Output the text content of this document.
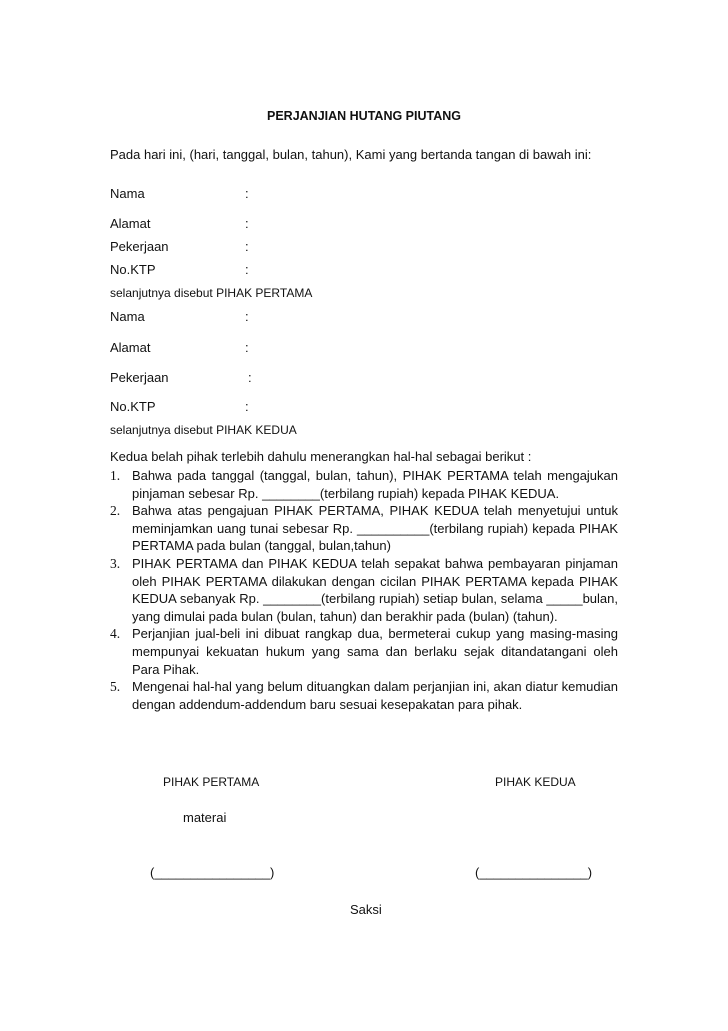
PERJANJIAN HUTANG PIUTANG
Pada hari ini, (hari, tanggal, bulan, tahun), Kami yang bertanda tangan di bawah ini:
Nama	:
Alamat	:
Pekerjaan	:
No.KTP	:
selanjutnya disebut PIHAK PERTAMA
Nama	:
Alamat	:
Pekerjaan	:
No.KTP	:
selanjutnya disebut PIHAK KEDUA
Kedua belah pihak terlebih dahulu menerangkan hal-hal sebagai berikut :
1. Bahwa pada tanggal (tanggal, bulan, tahun), PIHAK PERTAMA telah mengajukan pinjaman sebesar Rp. ________(terbilang rupiah) kepada PIHAK KEDUA.
2. Bahwa atas pengajuan PIHAK PERTAMA, PIHAK KEDUA telah menyetujui untuk meminjamkan uang tunai sebesar Rp. __________(terbilang rupiah) kepada PIHAK PERTAMA pada bulan (tanggal, bulan,tahun)
3. PIHAK PERTAMA dan PIHAK KEDUA telah sepakat bahwa pembayaran pinjaman oleh PIHAK PERTAMA dilakukan dengan cicilan PIHAK PERTAMA kepada PIHAK KEDUA sebanyak Rp. ________(terbilang rupiah) setiap bulan, selama _____bulan, yang dimulai pada bulan (bulan, tahun) dan berakhir pada (bulan) (tahun).
4. Perjanjian jual-beli ini dibuat rangkap dua, bermeterai cukup yang masing-masing mempunyai kekuatan hukum yang sama dan berlaku sejak ditandatangani oleh Para Pihak.
5. Mengenai hal-hal yang belum dituangkan dalam perjanjian ini, akan diatur kemudian dengan addendum-addendum baru sesuai kesepakatan para pihak.
PIHAK PERTAMA	PIHAK KEDUA
materai
(________________)	(_______________)
Saksi
